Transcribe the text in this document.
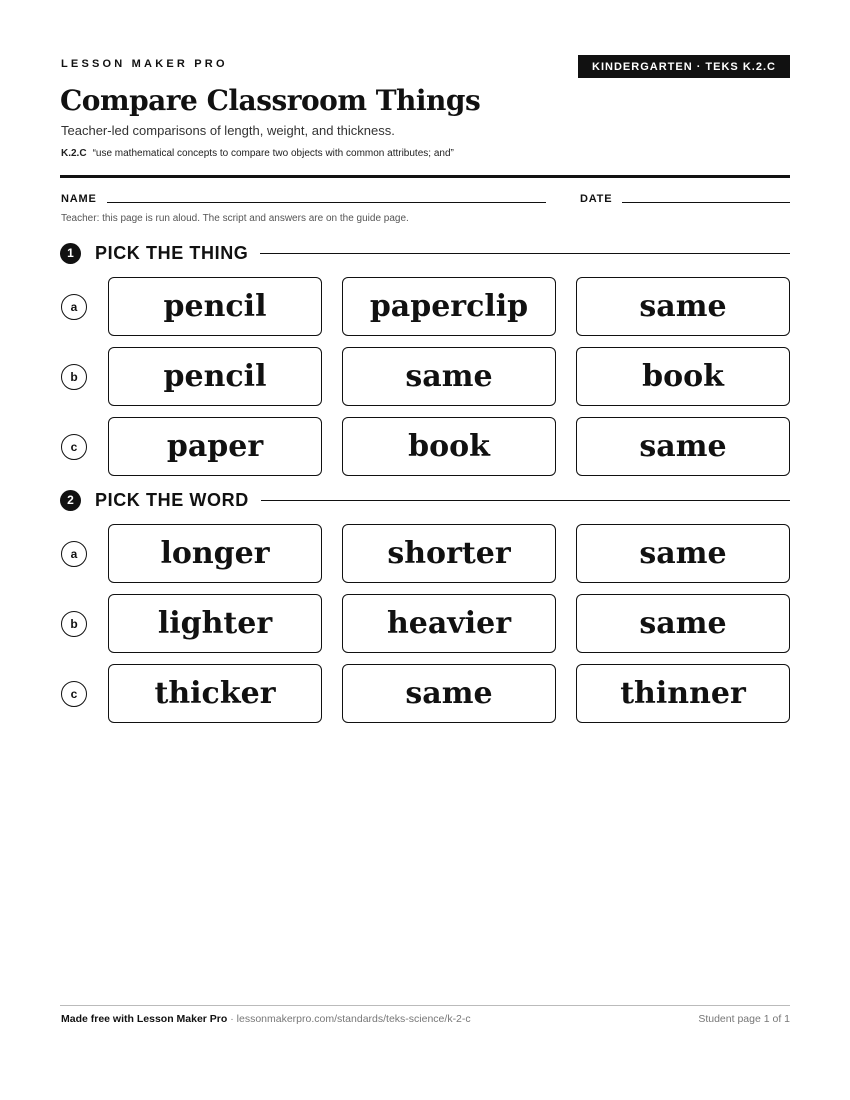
LESSON MAKER PRO	KINDERGARTEN · TEKS K.2.C
Compare Classroom Things
Teacher-led comparisons of length, weight, and thickness.
K.2.C “use mathematical concepts to compare two objects with common attributes; and”
NAME	DATE
Teacher: this page is run aloud. The script and answers are on the guide page.
1	PICK THE THING
a	pencil	paperclip	same
b	pencil	same	book
c	paper	book	same
2	PICK THE WORD
a	longer	shorter	same
b	lighter	heavier	same
c	thicker	same	thinner
Made free with Lesson Maker Pro · lessonmakerpro.com/standards/teks-science/k-2-c	Student page 1 of 1
